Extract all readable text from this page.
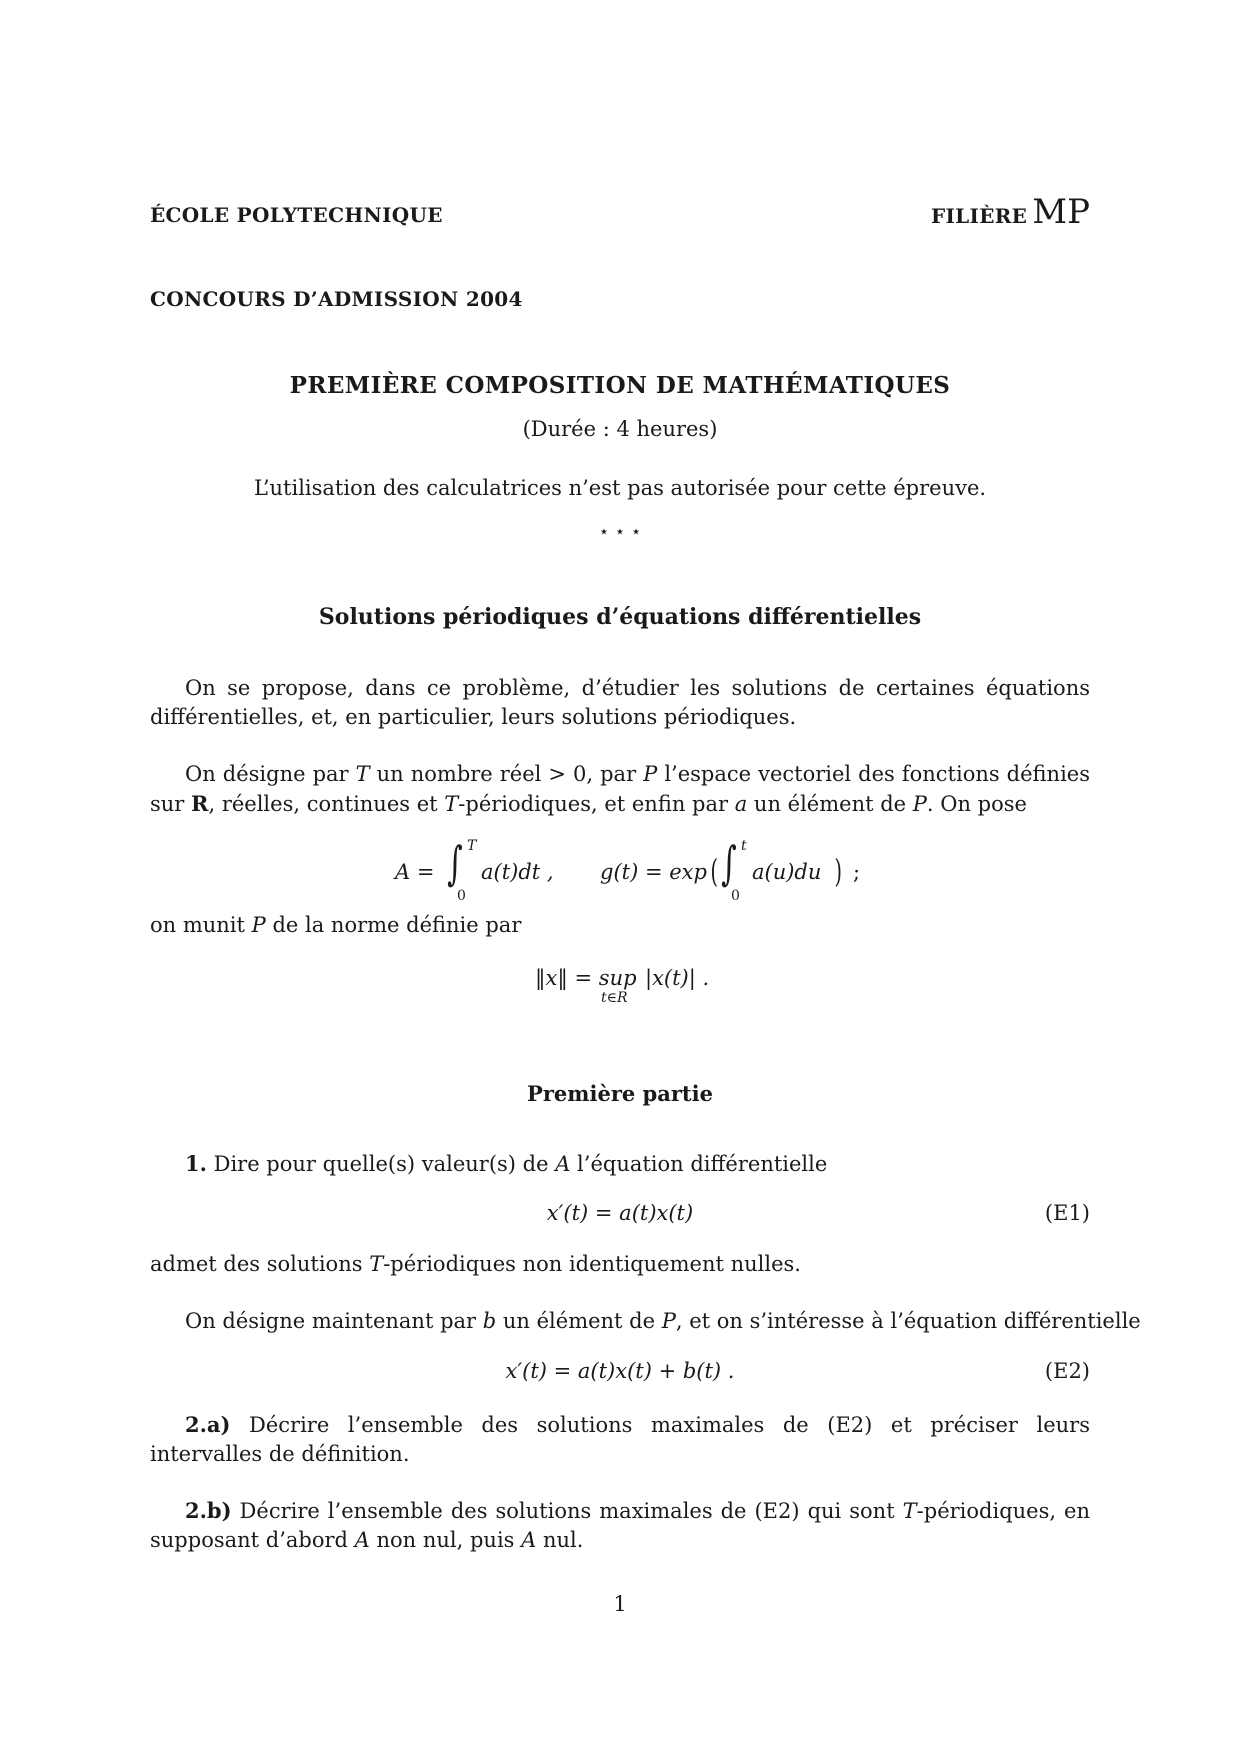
ÉCOLE POLYTECHNIQUE	FILIÈRE MP
CONCOURS D’ADMISSION 2004
PREMIÈRE COMPOSITION DE MATHÉMATIQUES
(Durée : 4 heures)
L’utilisation des calculatrices n’est pas autorisée pour cette épreuve.
⋆ ⋆ ⋆
Solutions périodiques d’équations différentielles
On se propose, dans ce problème, d’étudier les solutions de certaines équations différentielles, et, en particulier, leurs solutions périodiques.
On désigne par T un nombre réel > 0, par P l’espace vectoriel des fonctions définies sur R, réelles, continues et T-périodiques, et enfin par a un élément de P. On pose
A = ∫ T
0
a(t)dt , g(t) = exp ( ∫ t
0
a(u)du ) ;
on munit P de la norme définie par
‖x‖ = sup
t∈R
|x(t)| .
Première partie
1. Dire pour quelle(s) valeur(s) de A l’équation différentielle
x′(t) = a(t)x(t)	(E1)
admet des solutions T-périodiques non identiquement nulles.
On désigne maintenant par b un élément de P, et on s’intéresse à l’équation différentielle
x′(t) = a(t)x(t) + b(t) .	(E2)
2.a) Décrire l’ensemble des solutions maximales de (E2) et préciser leurs intervalles de définition.
2.b) Décrire l’ensemble des solutions maximales de (E2) qui sont T-périodiques, en supposant d’abord A non nul, puis A nul.
1
